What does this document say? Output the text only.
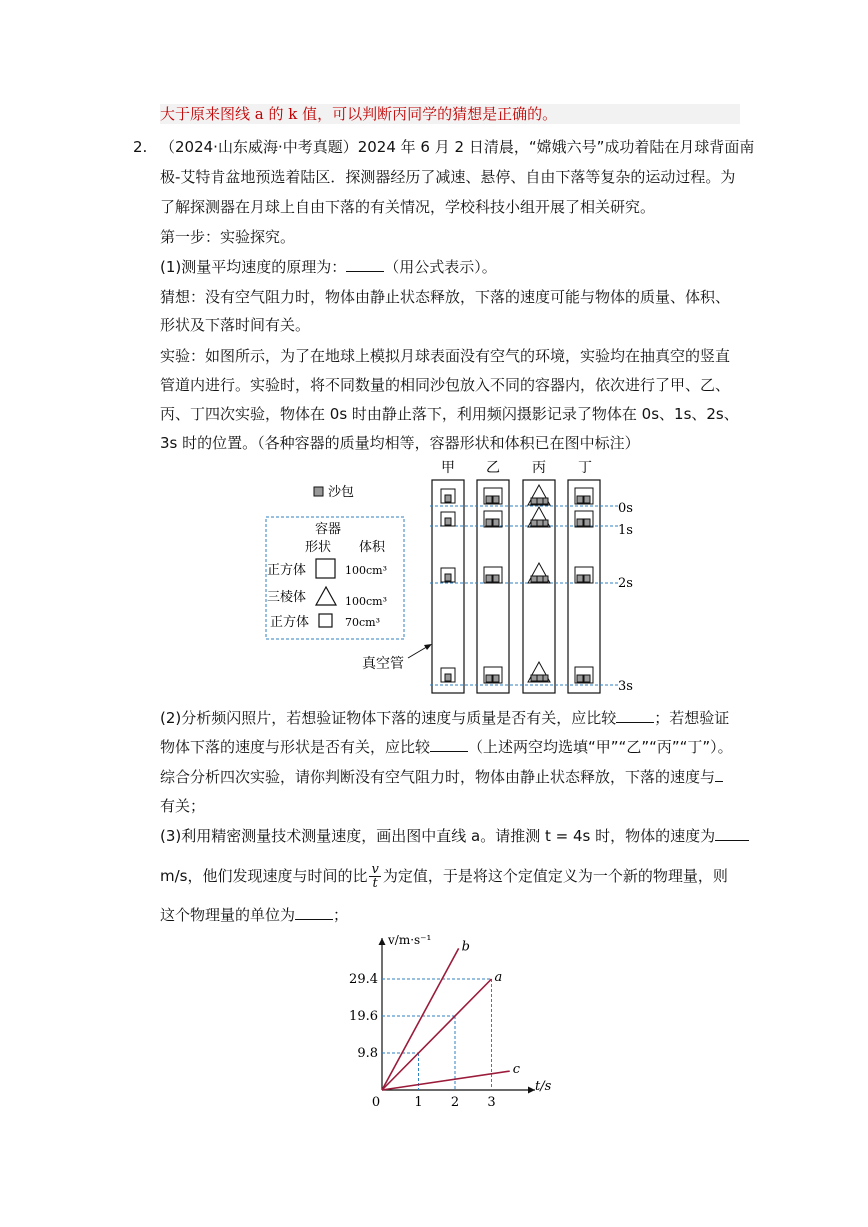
大于原来图线 a 的 k 值，可以判断丙同学的猜想是正确的。
2. （2024·山东威海·中考真题）2024 年 6 月 2 日清晨，“嫦娥六号”成功着陆在月球背面南
极-艾特肯盆地预选着陆区．探测器经历了减速、悬停、自由下落等复杂的运动过程。为
了解探测器在月球上自由下落的有关情况，学校科技小组开展了相关研究。
第一步：实验探究。
(1)测量平均速度的原理为：	（用公式表示）。
猜想：没有空气阻力时，物体由静止状态释放，下落的速度可能与物体的质量、体积、
形状及下落时间有关。
实验：如图所示，为了在地球上模拟月球表面没有空气的环境，实验均在抽真空的竖直
管道内进行。实验时，将不同数量的相同沙包放入不同的容器内，依次进行了甲、乙、
丙、丁四次实验，物体在 0s 时由静止落下，利用频闪摄影记录了物体在 0s、1s、2s、
3s 时的位置。（各种容器的质量均相等，容器形状和体积已在图中标注）
甲 乙 丙 丁
沙包
容器
形状 体积
正方体	100cm³
三棱体	100cm³
正方体	70cm³
0s
1s
2s
3s
真空管
(2)分析频闪照片，若想验证物体下落的速度与质量是否有关，应比较	；若想验证
物体下落的速度与形状是否有关，应比较	（上述两空均选填“甲”“乙”“丙”“丁”）。
综合分析四次实验，请你判断没有空气阻力时，物体由静止状态释放，下落的速度与
有关；
(3)利用精密测量技术测量速度，画出图中直线 a。请推测 t = 4s 时，物体的速度为
m/s，他们发现速度与时间的比 $\frac{v}{t}$ 为定值，于是将这个定值定义为一个新的物理量，则
这个物理量的单位为	；
v/m·s⁻¹
t/s
b
a
c
0	1 2 3
9.8
19.6
29.4
